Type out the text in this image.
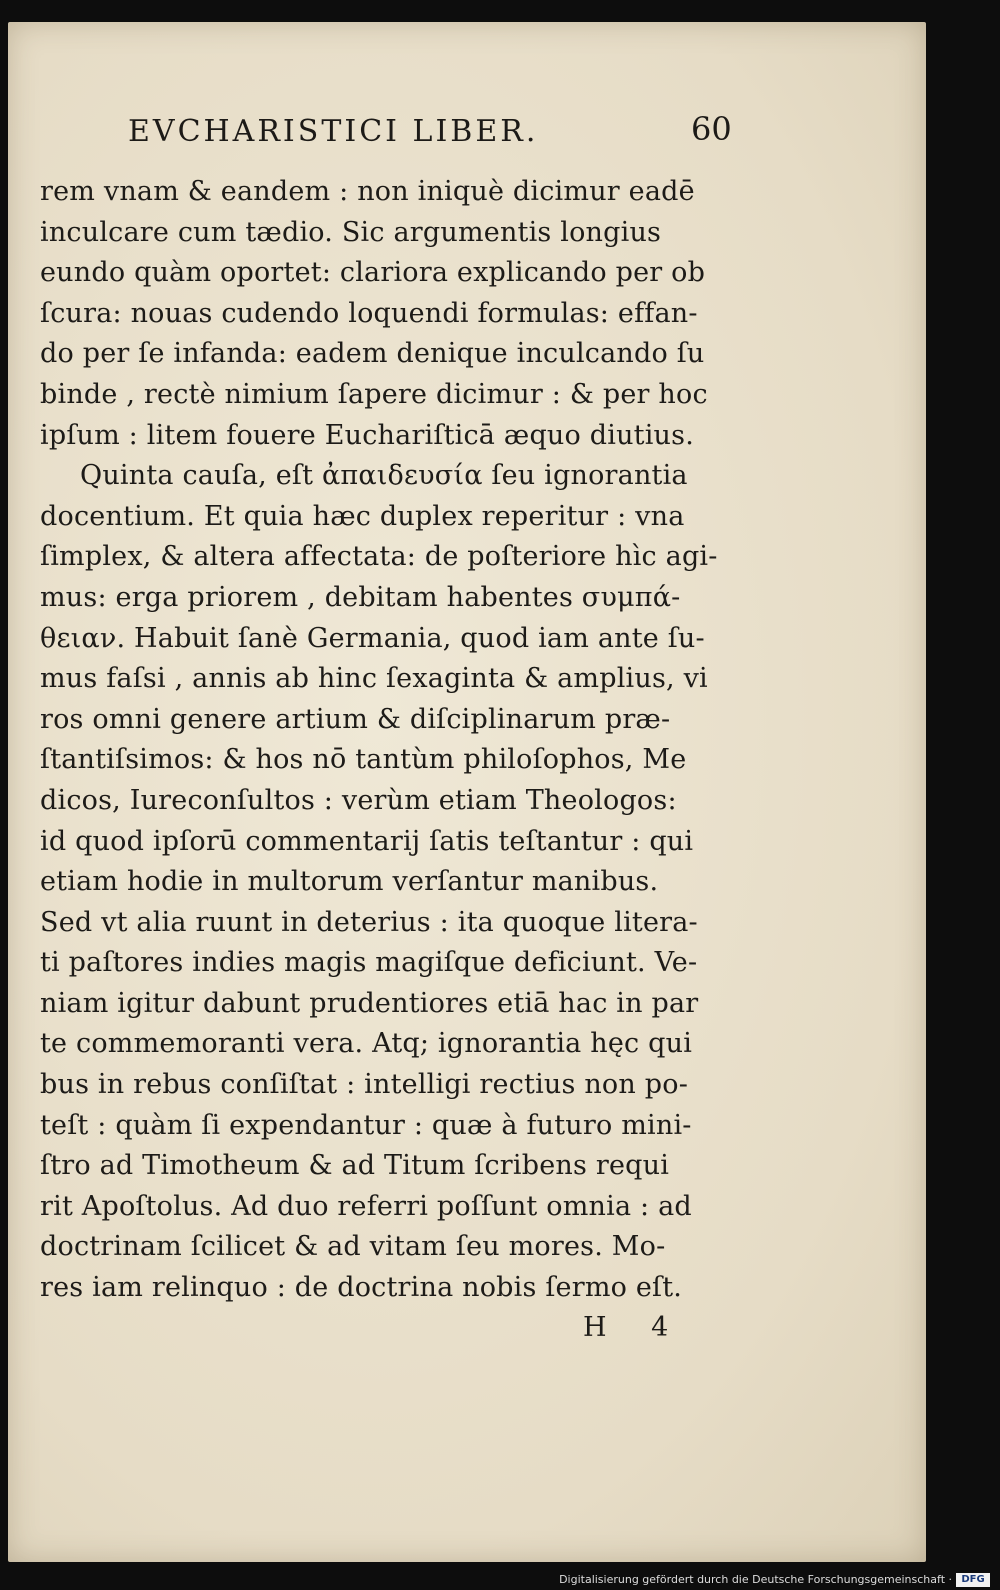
EVCHARISTICI LIBER.	60
rem vnam & eandem : non iniquè dicimur eadē
inculcare cum tædio. Sic argumentis longius
eundo quàm oportet: clariora explicando per ob
ſcura: nouas cudendo loquendi formulas: effan-
do per ſe infanda: eadem denique inculcando ſu
binde , rectè nimium ſapere dicimur : & per hoc
ipſum : litem fouere Euchariſticā æquo diutius.
Quinta cauſa, eſt ἀπαιδευσία ſeu ignorantia
docentium. Et quia hæc duplex reperitur : vna
ſimplex, & altera affectata: de poſteriore hìc agi-
mus: erga priorem , debitam habentes συμπά-
θειαν. Habuit ſanè Germania, quod iam ante ſu-
mus faſsi , annis ab hinc ſexaginta & amplius, vi
ros omni genere artium & diſciplinarum præ-
ſtantiſsimos: & hos nō tantùm philoſophos, Me
dicos, Iureconſultos : verùm etiam Theologos:
id quod ipſorū commentarij ſatis teſtantur : qui
etiam hodie in multorum verſantur manibus.
Sed vt alia ruunt in deterius : ita quoque litera-
ti paſtores indies magis magiſque deficiunt. Ve-
niam igitur dabunt prudentiores etiā hac in par
te commemoranti vera. Atq; ignorantia hęc qui
bus in rebus conſiſtat : intelligi rectius non po-
teſt : quàm ſi expendantur : quæ à futuro mini-
ſtro ad Timotheum & ad Titum ſcribens requi
rit Apoſtolus. Ad duo referri poſſunt omnia : ad
doctrinam ſcilicet & ad vitam ſeu mores. Mo-
res iam relinquo : de doctrina nobis ſermo eſt.
H 4
Digitalisierung gefördert durch die Deutsche Forschungsgemeinschaft · DFG
